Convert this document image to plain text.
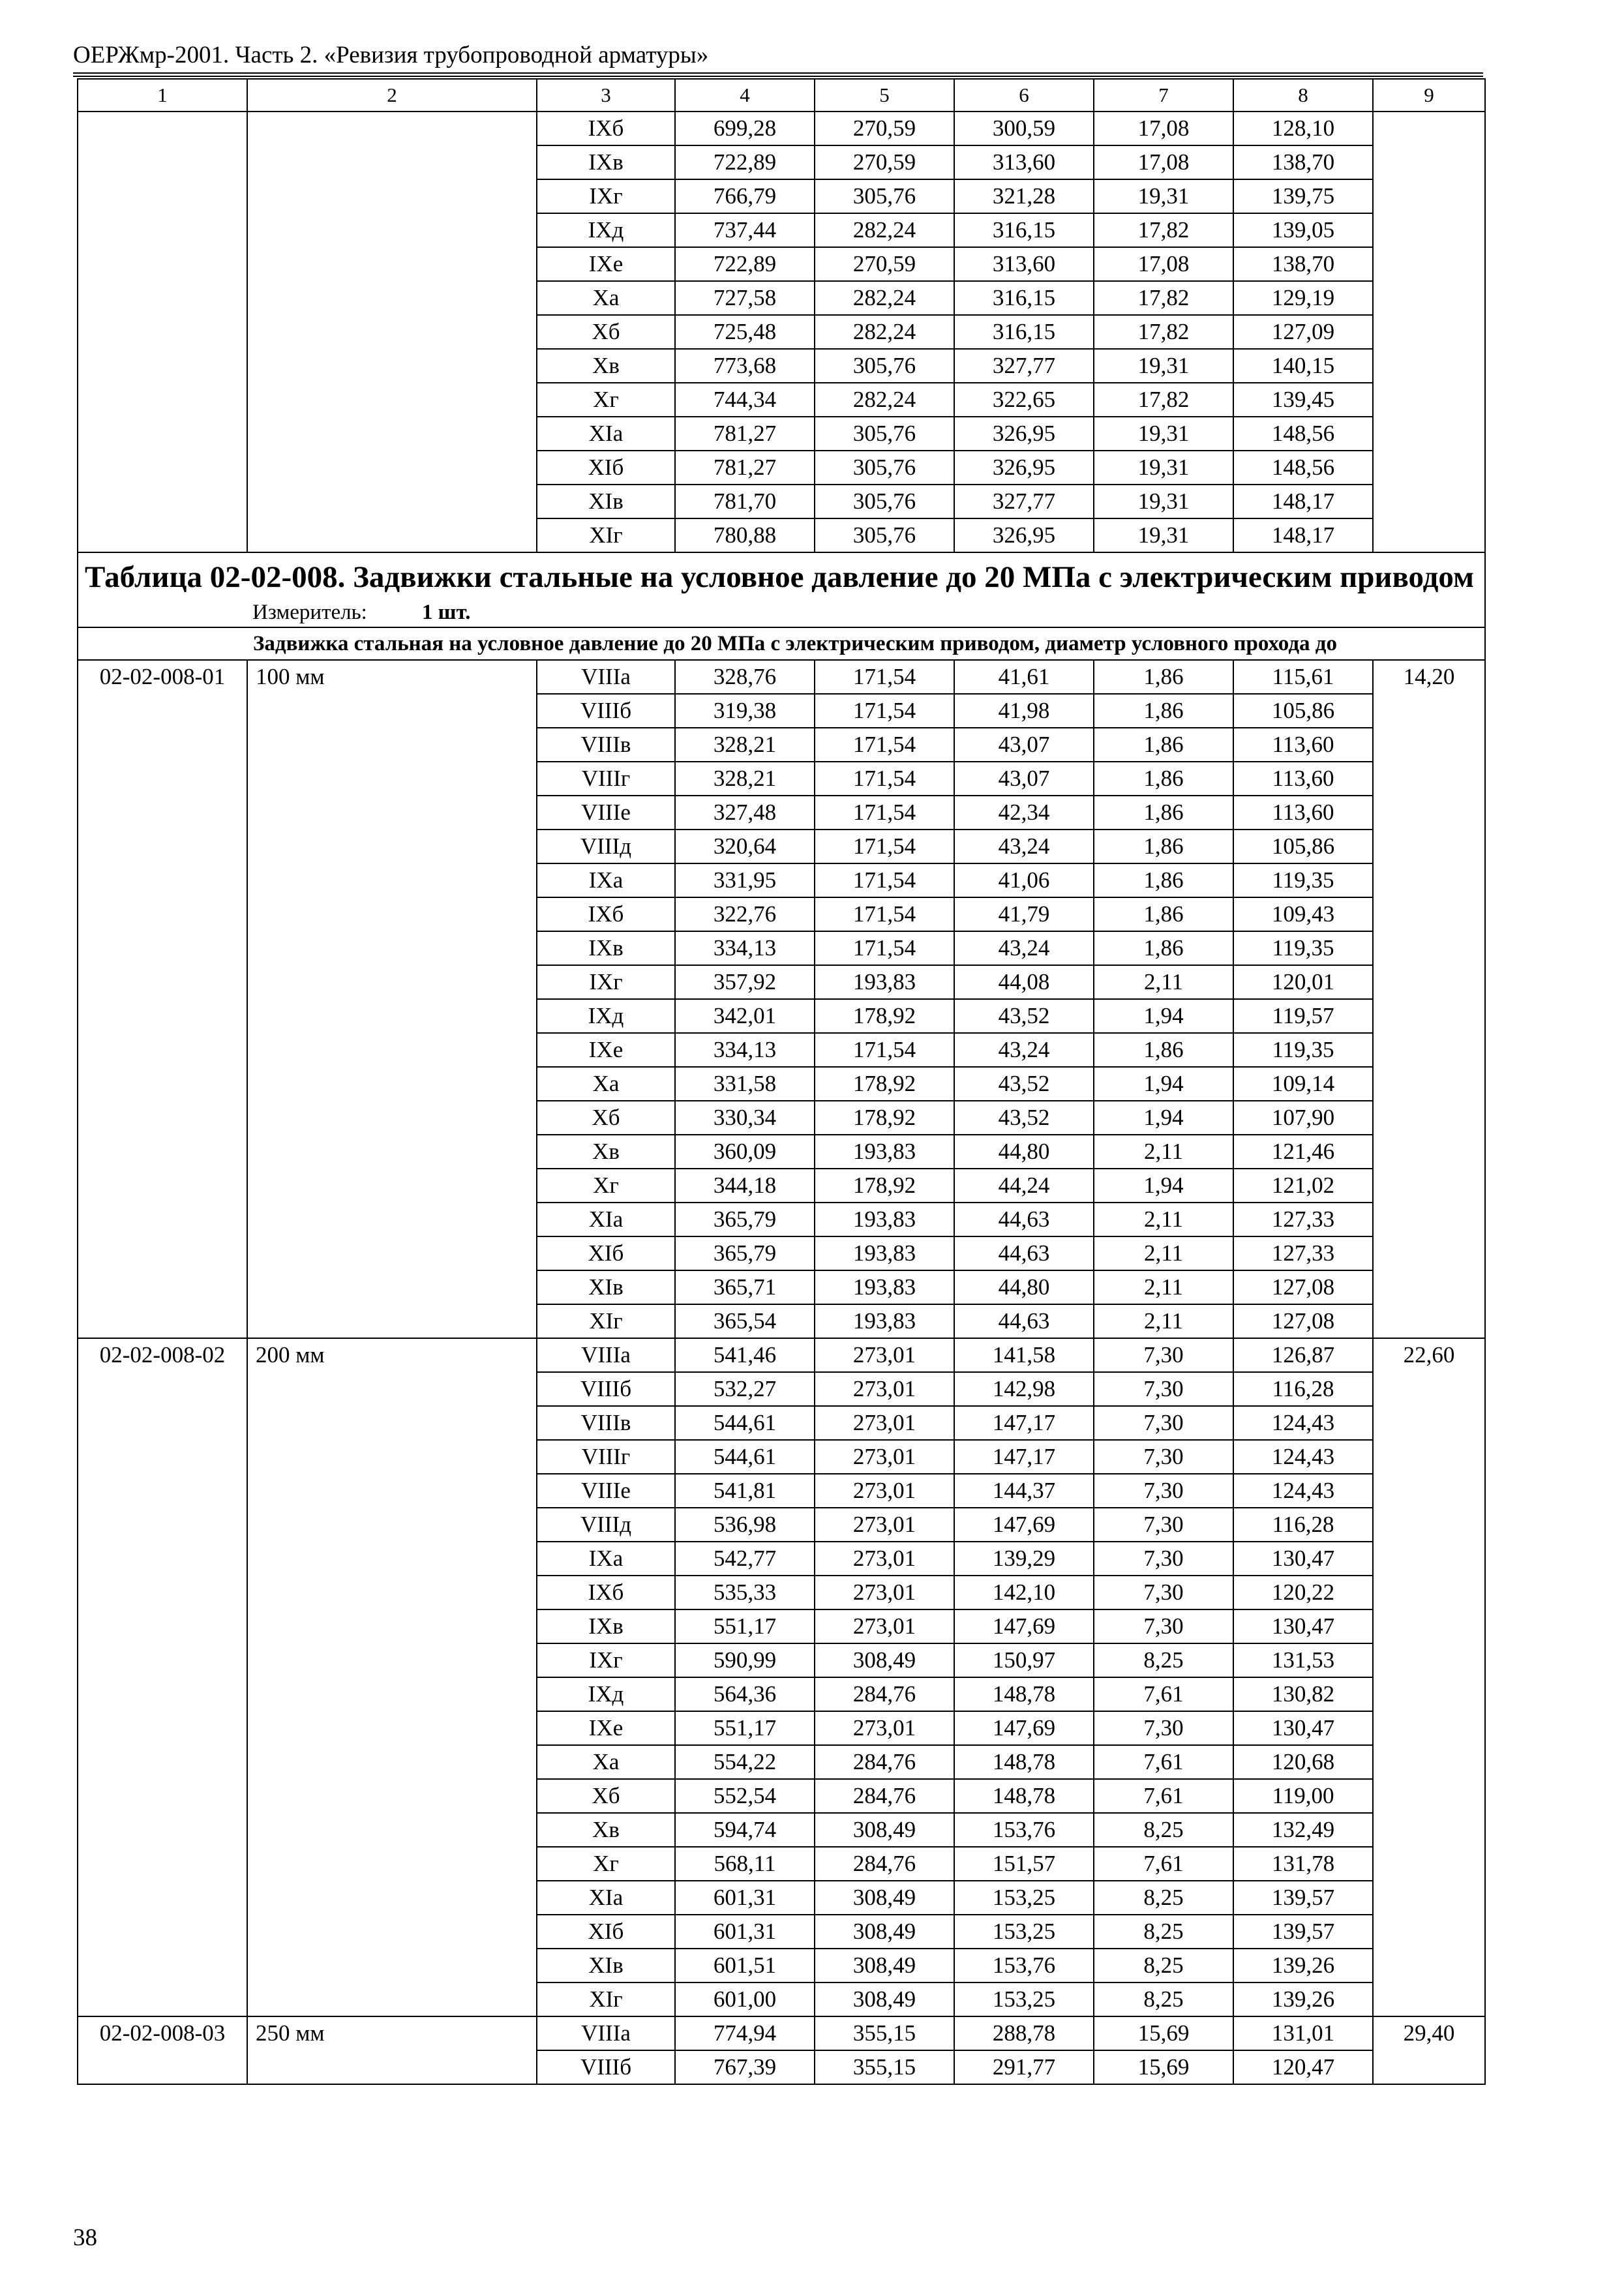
ОЕРЖмр-2001. Часть 2. «Ревизия трубопроводной арматуры»
1	2	3	4	5	6	7	8	9
		IXб	699,28	270,59	300,59	17,08	128,10	
		IXв	722,89	270,59	313,60	17,08	138,70	
		IXг	766,79	305,76	321,28	19,31	139,75	
		IXд	737,44	282,24	316,15	17,82	139,05	
		IXе	722,89	270,59	313,60	17,08	138,70	
		Xа	727,58	282,24	316,15	17,82	129,19	
		Xб	725,48	282,24	316,15	17,82	127,09	
		Xв	773,68	305,76	327,77	19,31	140,15	
		Xг	744,34	282,24	322,65	17,82	139,45	
		XIа	781,27	305,76	326,95	19,31	148,56	
		XIб	781,27	305,76	326,95	19,31	148,56	
		XIв	781,70	305,76	327,77	19,31	148,17	
		XIг	780,88	305,76	326,95	19,31	148,17	
Таблица 02-02-008. Задвижки стальные на условное давление до 20 МПа с электрическим приводом								
Измеритель: 1 шт.								
Задвижка стальная на условное давление до 20 МПа с электрическим приводом, диаметр условного прохода до								
02-02-008-01	100 мм	VIIIа	328,76	171,54	41,61	1,86	115,61	14,20
		VIIIб	319,38	171,54	41,98	1,86	105,86	
		VIIIв	328,21	171,54	43,07	1,86	113,60	
		VIIIг	328,21	171,54	43,07	1,86	113,60	
		VIIIе	327,48	171,54	42,34	1,86	113,60	
		VIIIд	320,64	171,54	43,24	1,86	105,86	
		IXа	331,95	171,54	41,06	1,86	119,35	
		IXб	322,76	171,54	41,79	1,86	109,43	
		IXв	334,13	171,54	43,24	1,86	119,35	
		IXг	357,92	193,83	44,08	2,11	120,01	
		IXд	342,01	178,92	43,52	1,94	119,57	
		IXе	334,13	171,54	43,24	1,86	119,35	
		Xа	331,58	178,92	43,52	1,94	109,14	
		Xб	330,34	178,92	43,52	1,94	107,90	
		Xв	360,09	193,83	44,80	2,11	121,46	
		Xг	344,18	178,92	44,24	1,94	121,02	
		XIа	365,79	193,83	44,63	2,11	127,33	
		XIб	365,79	193,83	44,63	2,11	127,33	
		XIв	365,71	193,83	44,80	2,11	127,08	
		XIг	365,54	193,83	44,63	2,11	127,08	
02-02-008-02	200 мм	VIIIа	541,46	273,01	141,58	7,30	126,87	22,60
		VIIIб	532,27	273,01	142,98	7,30	116,28	
		VIIIв	544,61	273,01	147,17	7,30	124,43	
		VIIIг	544,61	273,01	147,17	7,30	124,43	
		VIIIе	541,81	273,01	144,37	7,30	124,43	
		VIIIд	536,98	273,01	147,69	7,30	116,28	
		IXа	542,77	273,01	139,29	7,30	130,47	
		IXб	535,33	273,01	142,10	7,30	120,22	
		IXв	551,17	273,01	147,69	7,30	130,47	
		IXг	590,99	308,49	150,97	8,25	131,53	
		IXд	564,36	284,76	148,78	7,61	130,82	
		IXе	551,17	273,01	147,69	7,30	130,47	
		Xа	554,22	284,76	148,78	7,61	120,68	
		Xб	552,54	284,76	148,78	7,61	119,00	
		Xв	594,74	308,49	153,76	8,25	132,49	
		Xг	568,11	284,76	151,57	7,61	131,78	
		XIа	601,31	308,49	153,25	8,25	139,57	
		XIб	601,31	308,49	153,25	8,25	139,57	
		XIв	601,51	308,49	153,76	8,25	139,26	
		XIг	601,00	308,49	153,25	8,25	139,26	
02-02-008-03	250 мм	VIIIа	774,94	355,15	288,78	15,69	131,01	29,40
		VIIIб	767,39	355,15	291,77	15,69	120,47	
38
